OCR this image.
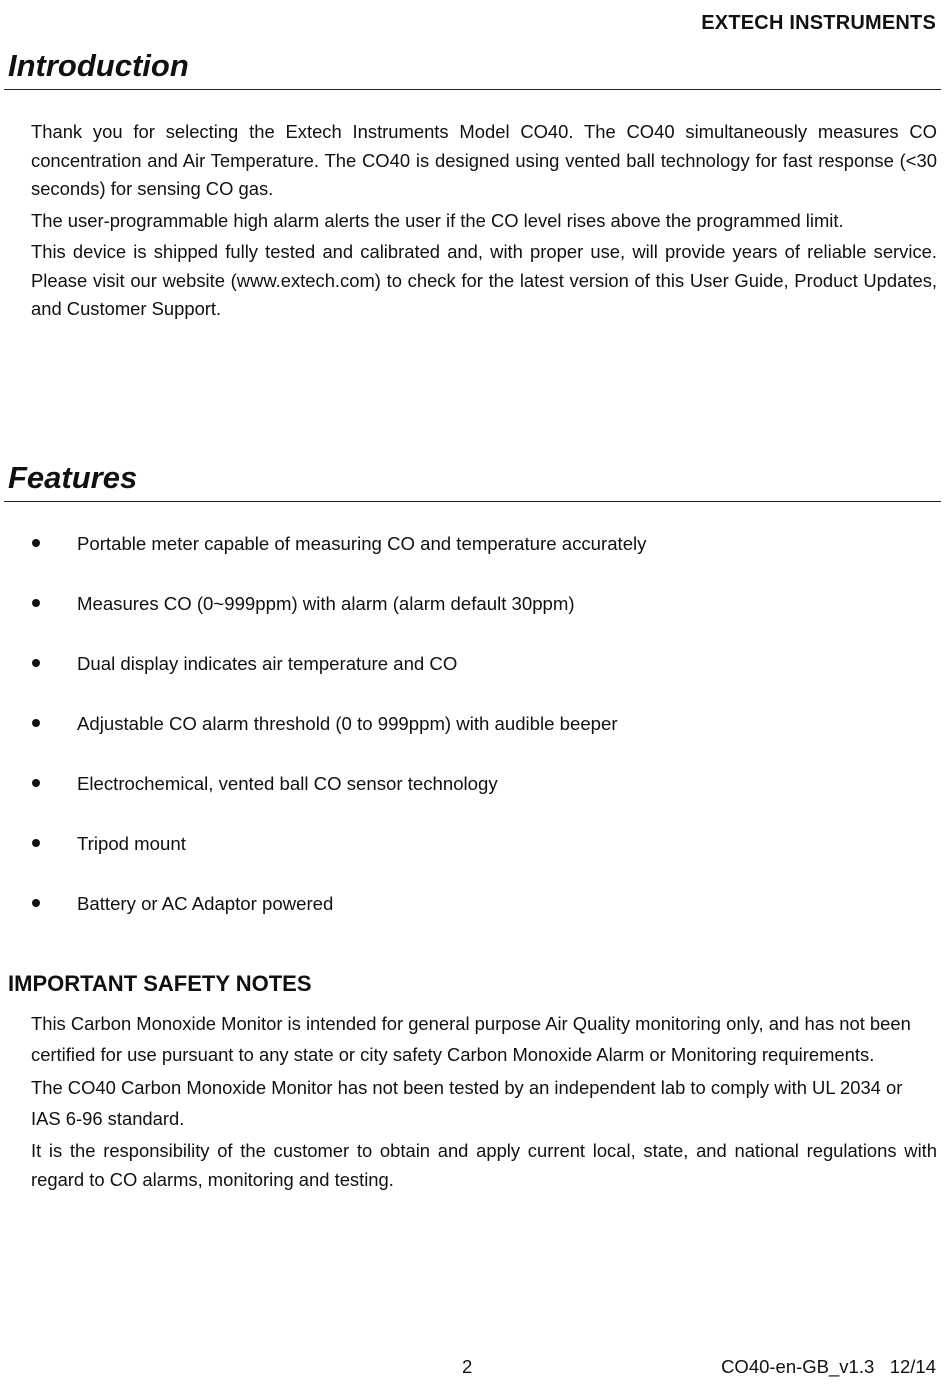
EXTECH INSTRUMENTS
Introduction

Thank you for selecting the Extech Instruments Model CO40. The CO40 simultaneously measures CO concentration and Air Temperature. The CO40 is designed using vented ball technology for fast response (<30 seconds) for sensing CO gas.

The user-programmable high alarm alerts the user if the CO level rises above the programmed limit.

This device is shipped fully tested and calibrated and, with proper use, will provide years of reliable service. Please visit our website (www.extech.com) to check for the latest version of this User Guide, Product Updates, and Customer Support.

Features
Portable meter capable of measuring CO and temperature accurately
Measures CO (0~999ppm) with alarm (alarm default 30ppm)
Dual display indicates air temperature and CO
Adjustable CO alarm threshold (0 to 999ppm) with audible beeper
Electrochemical, vented ball CO sensor technology
Tripod mount
Battery or AC Adaptor powered
IMPORTANT SAFETY NOTES

This Carbon Monoxide Monitor is intended for general purpose Air Quality monitoring only, and has not been certified for use pursuant to any state or city safety Carbon Monoxide Alarm or Monitoring requirements.

The CO40 Carbon Monoxide Monitor has not been tested by an independent lab to comply with UL 2034 or IAS 6-96 standard.

It is the responsibility of the customer to obtain and apply current local, state, and national regulations with regard to CO alarms, monitoring and testing.

2	CO40-en-GB_v1.3   12/14
